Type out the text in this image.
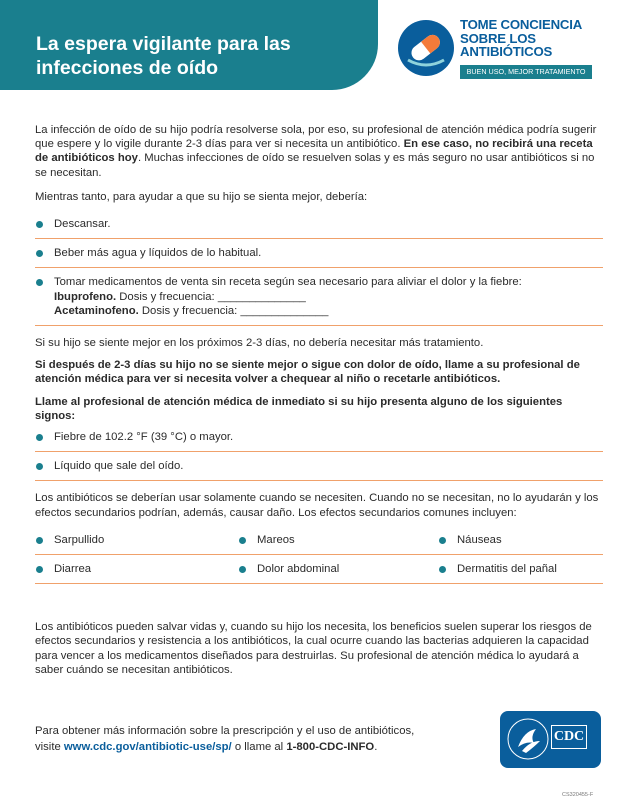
La espera vigilante para las infecciones de oído
TOME CONCIENCIA
SOBRE LOS
ANTIBIÓTICOS
BUEN USO, MEJOR TRATAMIENTO

La infección de oído de su hijo podría resolverse sola, por eso, su profesional de atención médica podría sugerir que espere y lo vigile durante 2-3 días para ver si necesita un antibiótico. En ese caso, no recibirá una receta de antibióticos hoy. Muchas infecciones de oído se resuelven solas y es más seguro no usar antibióticos si no se necesitan.

Mientras tanto, para ayudar a que su hijo se sienta mejor, debería:

Descansar.
Beber más agua y líquidos de lo habitual.
Tomar medicamentos de venta sin receta según sea necesario para aliviar el dolor y la fiebre:
Ibuprofeno. Dosis y frecuencia: ______________
Acetaminofeno. Dosis y frecuencia: ______________

Si su hijo se siente mejor en los próximos 2-3 días, no debería necesitar más tratamiento.

Si después de 2-3 días su hijo no se siente mejor o sigue con dolor de oído, llame a su profesional de atención médica para ver si necesita volver a chequear al niño o recetarle antibióticos.

Llame al profesional de atención médica de inmediato si su hijo presenta alguno de los siguientes signos:

Fiebre de 102.2 °F (39 °C) o mayor.
Líquido que sale del oído.

Los antibióticos se deberían usar solamente cuando se necesiten. Cuando no se necesitan, no lo ayudarán y los efectos secundarios podrían, además, causar daño. Los efectos secundarios comunes incluyen:

Sarpullido	Mareos	Náuseas
Diarrea	Dolor abdominal	Dermatitis del pañal

Los antibióticos pueden salvar vidas y, cuando su hijo los necesita, los beneficios suelen superar los riesgos de efectos secundarios y resistencia a los antibióticos, la cual ocurre cuando las bacterias adquieren la capacidad para vencer a los medicamentos diseñados para destruirlas. Su profesional de atención médica lo ayudará a saber cuándo se necesitan antibióticos.

Para obtener más información sobre la prescripción y el uso de antibióticos,
visite www.cdc.gov/antibiotic-use/sp/ o llame al 1-800-CDC-INFO.
CDC
CS320455-F
